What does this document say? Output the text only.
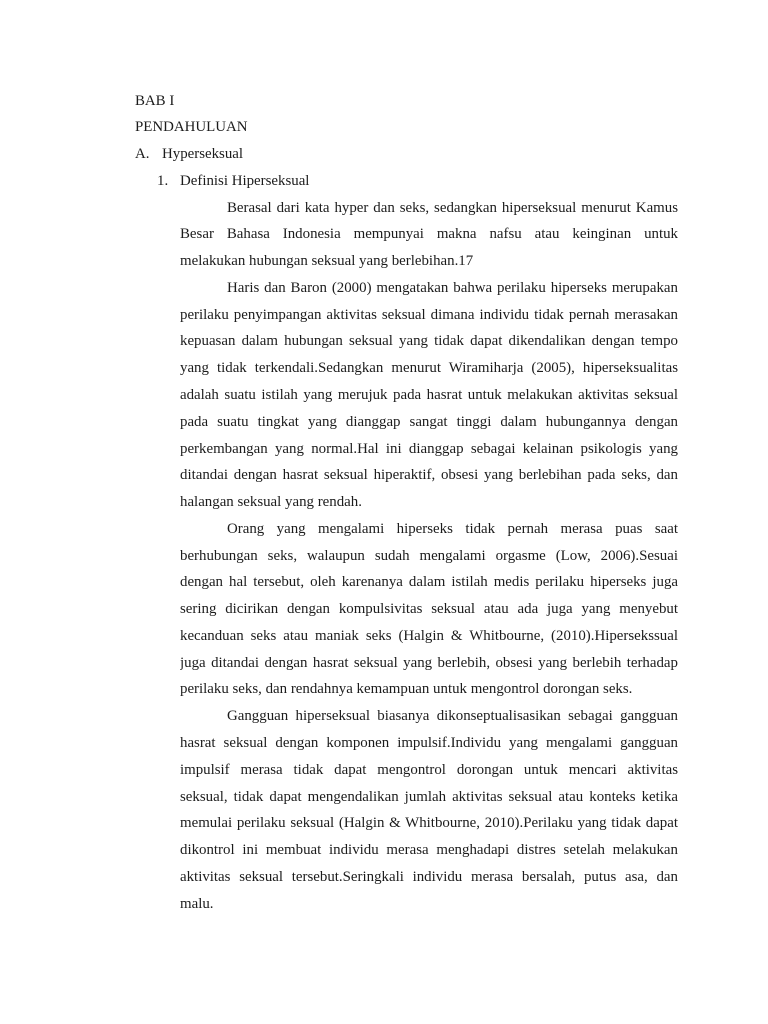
BAB I
PENDAHULUAN
A. Hyperseksual
1. Definisi Hiperseksual
Berasal dari kata hyper dan seks, sedangkan hiperseksual menurut Kamus
Besar Bahasa Indonesia mempunyai makna nafsu atau keinginan untuk
melakukan hubungan seksual yang berlebihan.17
Haris dan Baron (2000) mengatakan bahwa perilaku hiperseks merupakan
perilaku penyimpangan aktivitas seksual dimana individu tidak pernah merasakan
kepuasan dalam hubungan seksual yang tidak dapat dikendalikan dengan tempo
yang tidak terkendali.Sedangkan menurut Wiramiharja (2005), hiperseksualitas
adalah suatu istilah yang merujuk pada hasrat untuk melakukan aktivitas seksual
pada suatu tingkat yang dianggap sangat tinggi dalam hubungannya dengan
perkembangan yang normal.Hal ini dianggap sebagai kelainan psikologis yang
ditandai dengan hasrat seksual hiperaktif, obsesi yang berlebihan pada seks, dan
halangan seksual yang rendah.
Orang yang mengalami hiperseks tidak pernah merasa puas saat
berhubungan seks, walaupun sudah mengalami orgasme (Low, 2006).Sesuai
dengan hal tersebut, oleh karenanya dalam istilah medis perilaku hiperseks juga
sering dicirikan dengan kompulsivitas seksual atau ada juga yang menyebut
kecanduan seks atau maniak seks (Halgin & Whitbourne, (2010).Hipersekssual
juga ditandai dengan hasrat seksual yang berlebih, obsesi yang berlebih terhadap
perilaku seks, dan rendahnya kemampuan untuk mengontrol dorongan seks.
Gangguan hiperseksual biasanya dikonseptualisasikan sebagai gangguan
hasrat seksual dengan komponen impulsif.Individu yang mengalami gangguan
impulsif merasa tidak dapat mengontrol dorongan untuk mencari aktivitas
seksual, tidak dapat mengendalikan jumlah aktivitas seksual atau konteks ketika
memulai perilaku seksual (Halgin & Whitbourne, 2010).Perilaku yang tidak dapat
dikontrol ini membuat individu merasa menghadapi distres setelah melakukan
aktivitas seksual tersebut.Seringkali individu merasa bersalah, putus asa, dan
malu.
